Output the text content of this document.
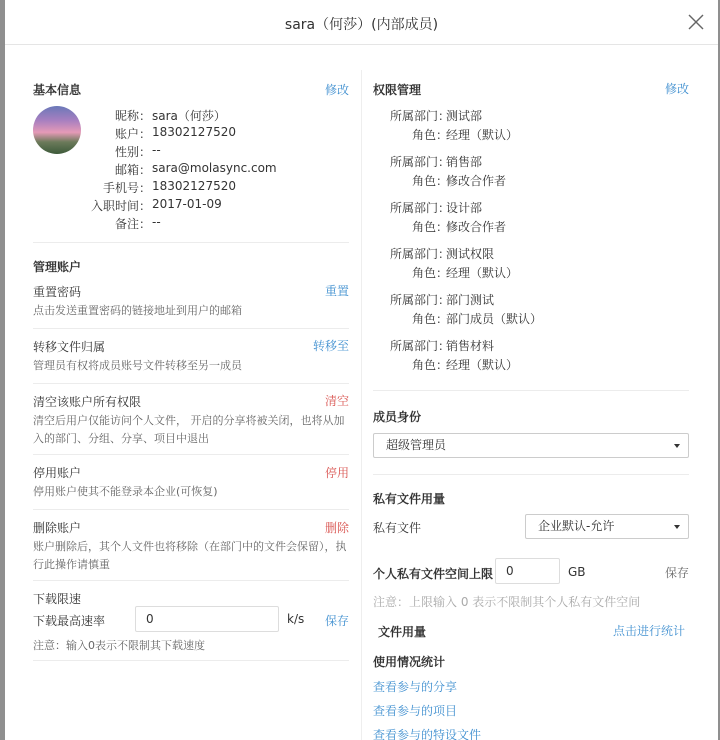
sara（何莎）(内部成员)
基本信息	修改
昵称： sara（何莎）
账户： 18302127520
性别： --
邮箱： sara@molasync.com
手机号： 18302127520
入职时间： 2017-01-09
备注： --
管理账户
重置密码	重置
点击发送重置密码的链接地址到用户的邮箱
转移文件归属	转移至
管理员有权将成员账号文件转移至另一成员
清空该账户所有权限	清空
清空后用户仅能访问个人文件， 开启的分享将被关闭，也将从加入的部门、分组、分享、项目中退出
停用账户	停用
停用账户使其不能登录本企业(可恢复)
删除账户	删除
账户删除后，其个人文件也将移除（在部门中的文件会保留），执行此操作请慎重
下载限速
下载最高速率	0	k/s 保存
注意：输入0表示不限制其下载速度
权限管理	修改
所属部门：
测试部
角色：
经理（默认）
所属部门：
销售部
角色：
修改合作者
所属部门：
设计部
角色：
修改合作者
所属部门：
测试权限
角色：
经理（默认）
所属部门：
部门测试
角色：
部门成员（默认）
所属部门：
销售材料
角色：
经理（默认）
成员身份
超级管理员
私有文件用量
私有文件	企业默认-允许
个人私有文件空间上限	0	GB	保存
注意：上限输入 0 表示不限制其个人私有文件空间
文件用量	点击进行统计
使用情况统计
查看参与的分享
查看参与的项目
查看参与的特设文件
